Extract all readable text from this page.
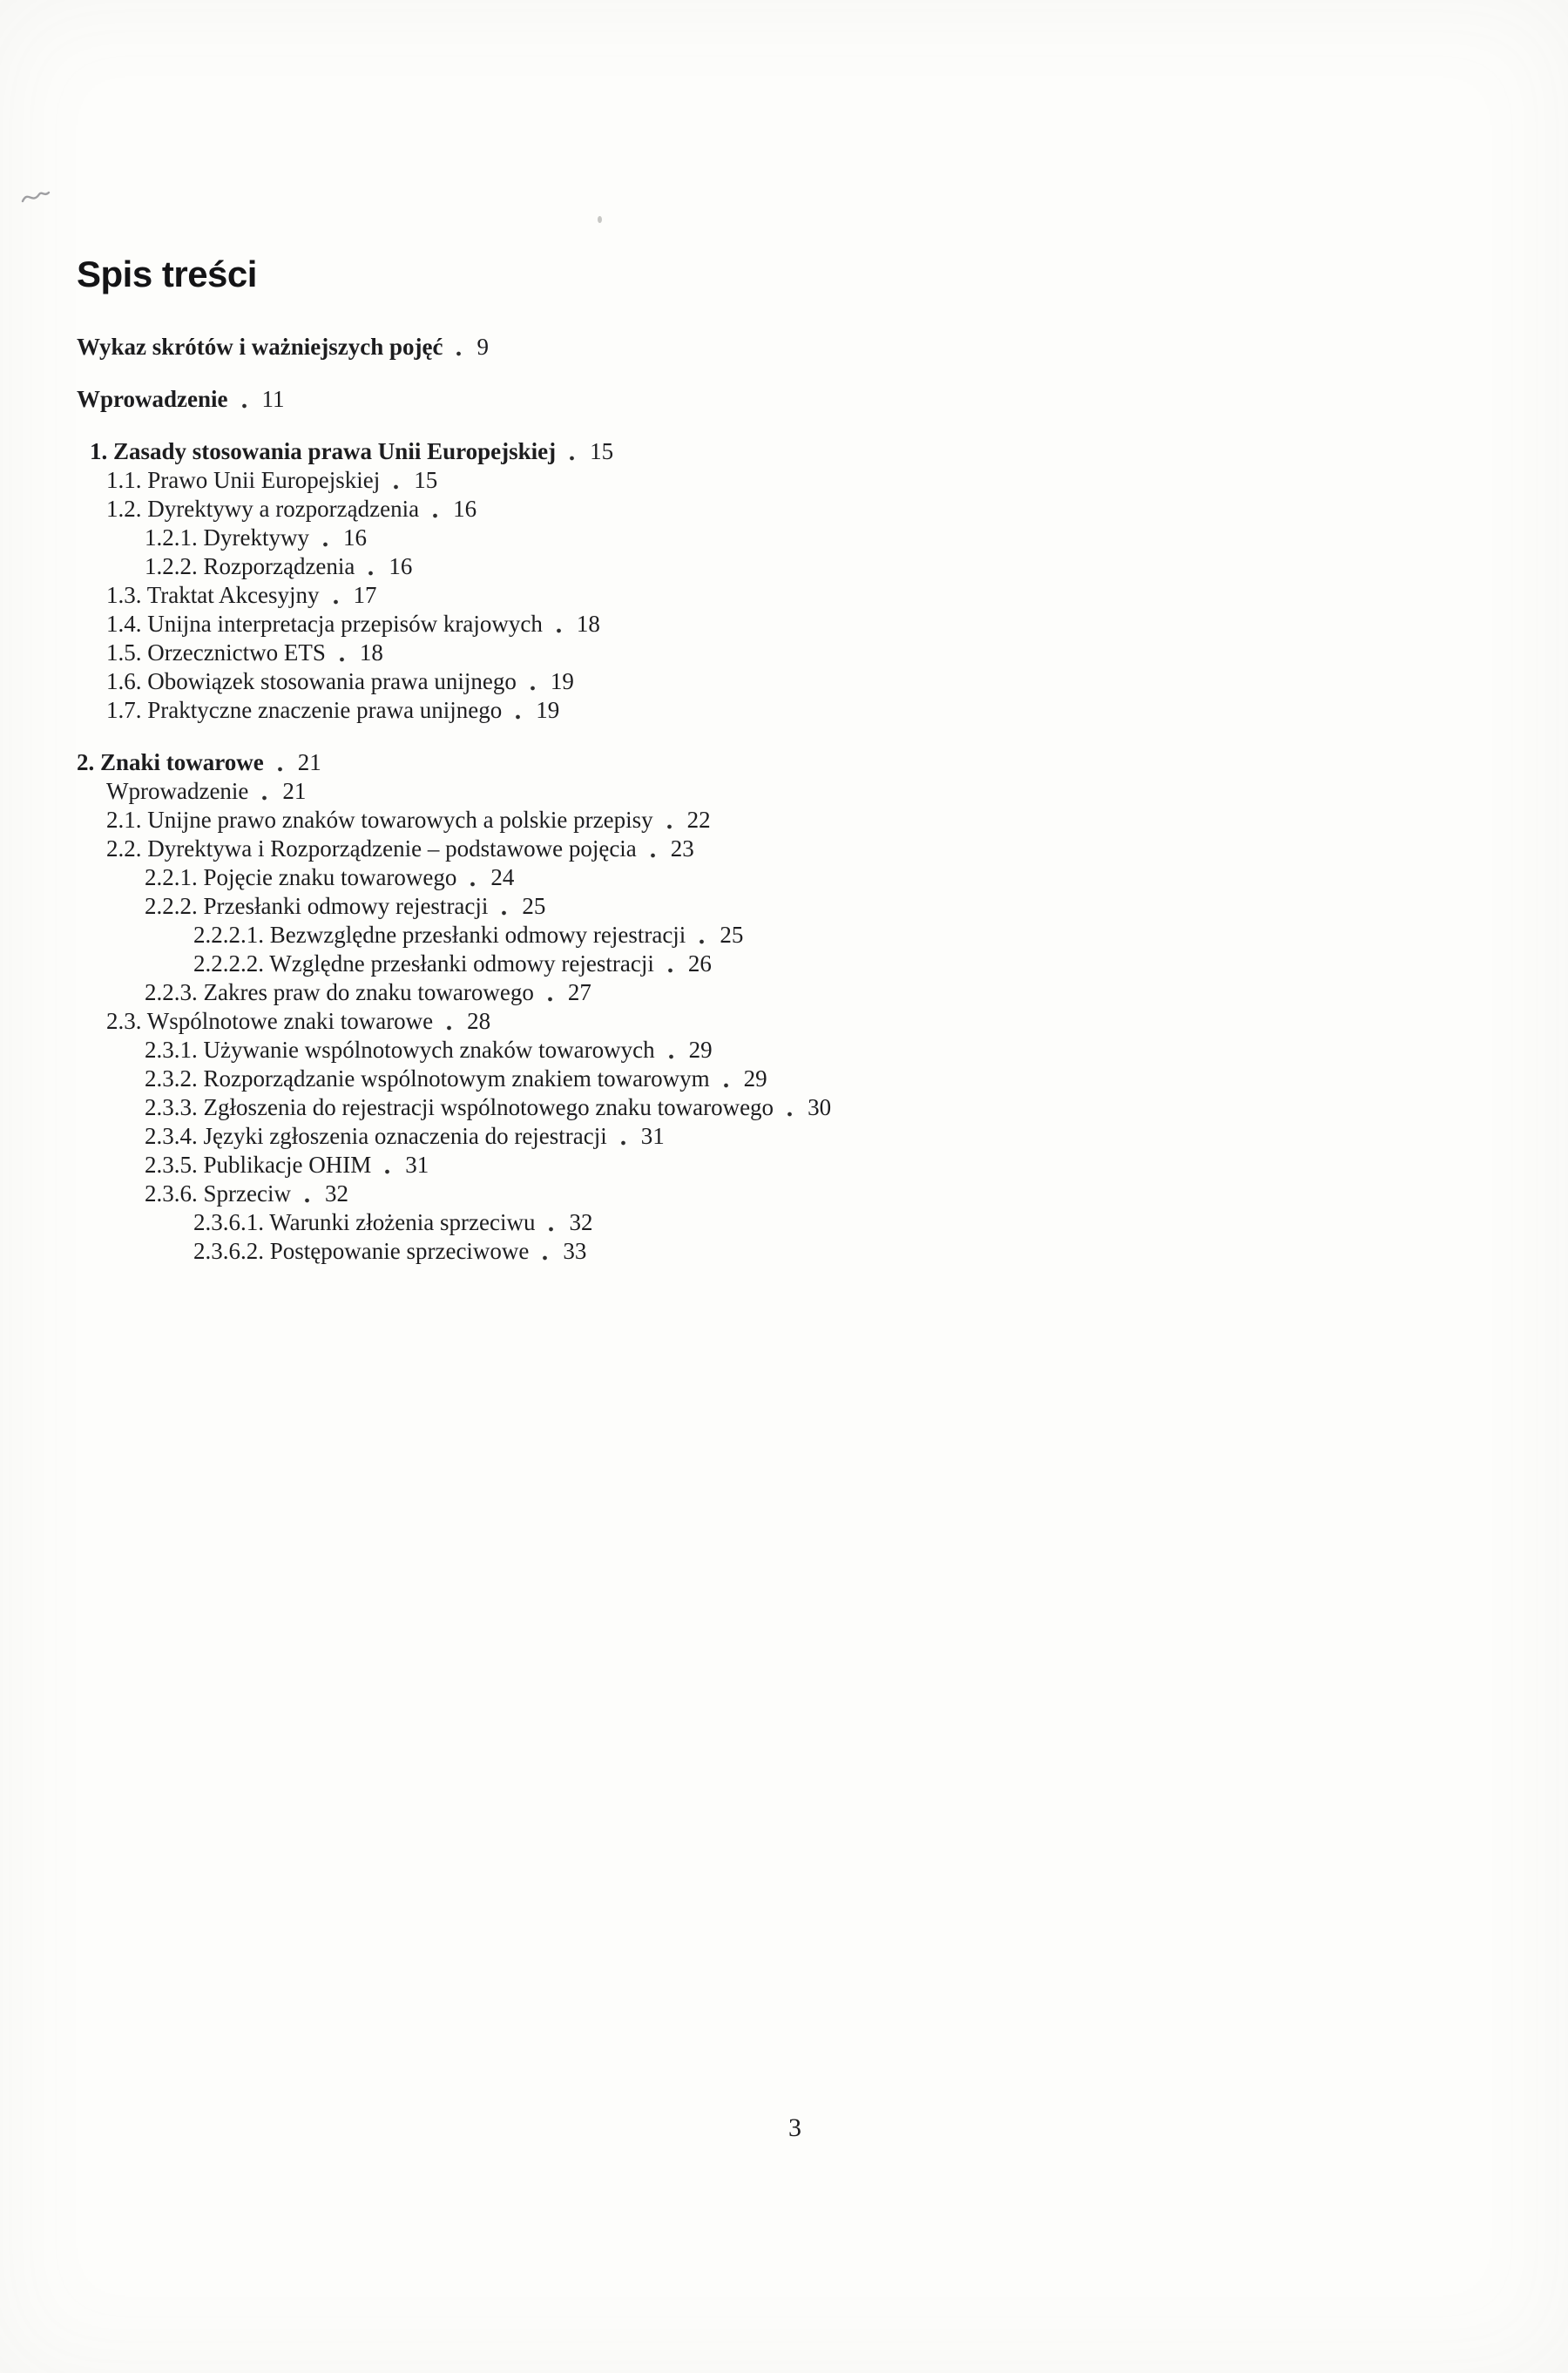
Spis treści
Wykaz skrótów i ważniejszych pojęć 9
Wprowadzenie 11
1. Zasady stosowania prawa Unii Europejskiej 15
1.1. Prawo Unii Europejskiej 15
1.2. Dyrektywy a rozporządzenia 16
1.2.1. Dyrektywy 16
1.2.2. Rozporządzenia 16
1.3. Traktat Akcesyjny 17
1.4. Unijna interpretacja przepisów krajowych 18
1.5. Orzecznictwo ETS 18
1.6. Obowiązek stosowania prawa unijnego 19
1.7. Praktyczne znaczenie prawa unijnego 19
2. Znaki towarowe 21
Wprowadzenie 21
2.1. Unijne prawo znaków towarowych a polskie przepisy 22
2.2. Dyrektywa i Rozporządzenie – podstawowe pojęcia 23
2.2.1. Pojęcie znaku towarowego 24
2.2.2. Przesłanki odmowy rejestracji 25
2.2.2.1. Bezwzględne przesłanki odmowy rejestracji 25
2.2.2.2. Względne przesłanki odmowy rejestracji 26
2.2.3. Zakres praw do znaku towarowego 27
2.3. Wspólnotowe znaki towarowe 28
2.3.1. Używanie wspólnotowych znaków towarowych 29
2.3.2. Rozporządzanie wspólnotowym znakiem towarowym 29
2.3.3. Zgłoszenia do rejestracji wspólnotowego znaku towarowego 30
2.3.4. Języki zgłoszenia oznaczenia do rejestracji 31
2.3.5. Publikacje OHIM 31
2.3.6. Sprzeciw 32
2.3.6.1. Warunki złożenia sprzeciwu 32
2.3.6.2. Postępowanie sprzeciwowe 33
3
